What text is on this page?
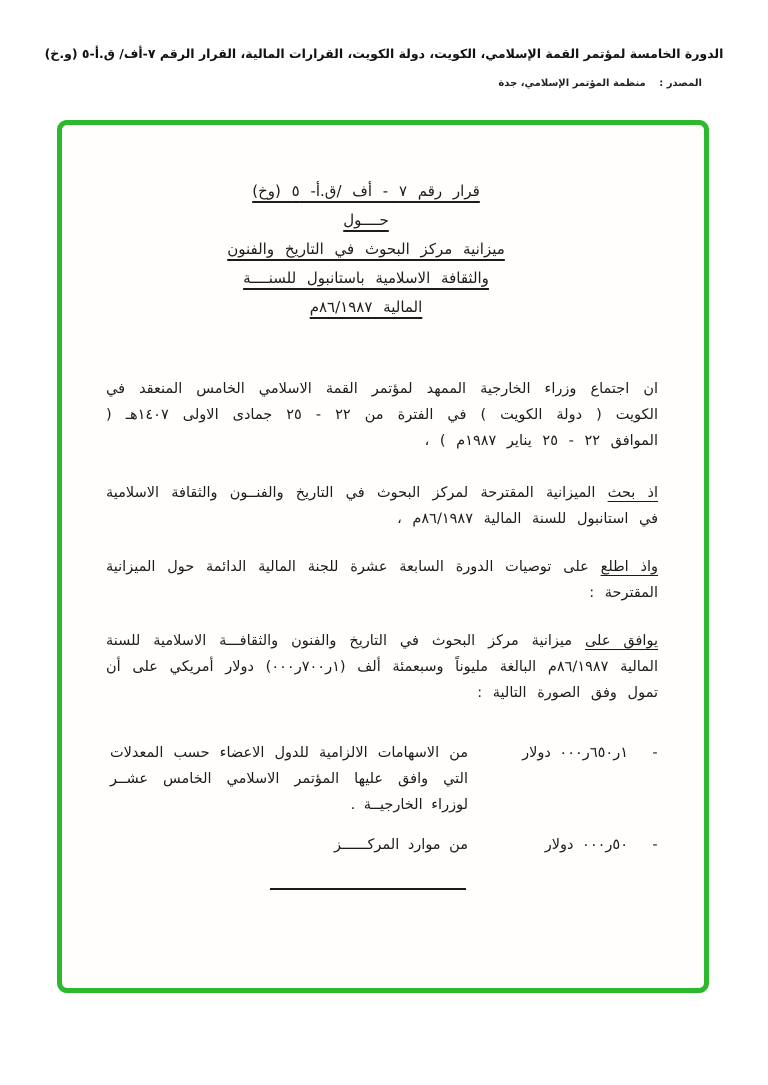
الدورة الخامسة لمؤتمر القمة الإسلامي، الكويت، دولة الكويت، القرارات المالية، القرار الرقم ٧-أف/ ق.أ-٥ (و.خ)
المصدر : منظمة المؤتمر الإسلامي، جدة
قرار رقم ٧ - أف /ق.أ- ٥ (وخ)
حــــول
ميزانية مركز البحوث في التاريخ والفنون
والثقافة الاسلامية باستانبول للسنــــة
المالية ٨٦/١٩٨٧م

ان اجتماع وزراء الخارجية الممهد لمؤتمر القمة الاسلامي الخامس المنعقد في الكويت ( دولة الكويت ) في الفترة من ٢٢ - ٢٥ جمادى الاولى ١٤٠٧هـ ( الموافق ٢٢ - ٢٥ يناير ١٩٨٧م ) ،

اذ بحث الميزانية المقترحة لمركز البحوث في التاريخ والفنــون والثقافة الاسلامية في استانبول للسنة المالية ٨٦/١٩٨٧م ،

واذ اطلع على توصيات الدورة السابعة عشرة للجنة المالية الدائمة حول الميزانية المقترحة :

يوافق على ميزانية مركز البحوث في التاريخ والفنون والثقافـــة الاسلامية للسنة المالية ٨٦/١٩٨٧م البالغة مليوناً وسبعمئة ألف (١ر٧٠٠ر٠٠٠) دولار أمريكي على أن تمول وفق الصورة التالية :

-
١ر٦٥٠ر٠٠٠ دولار
من الاسهامات الالزامية للدول الاعضاء حسب المعدلات التي وافق عليها المؤتمر الاسلامي الخامس عشــر لوزراء الخارجيــة .
-
٥٠ر٠٠٠ دولار
من موارد المركــــــز
